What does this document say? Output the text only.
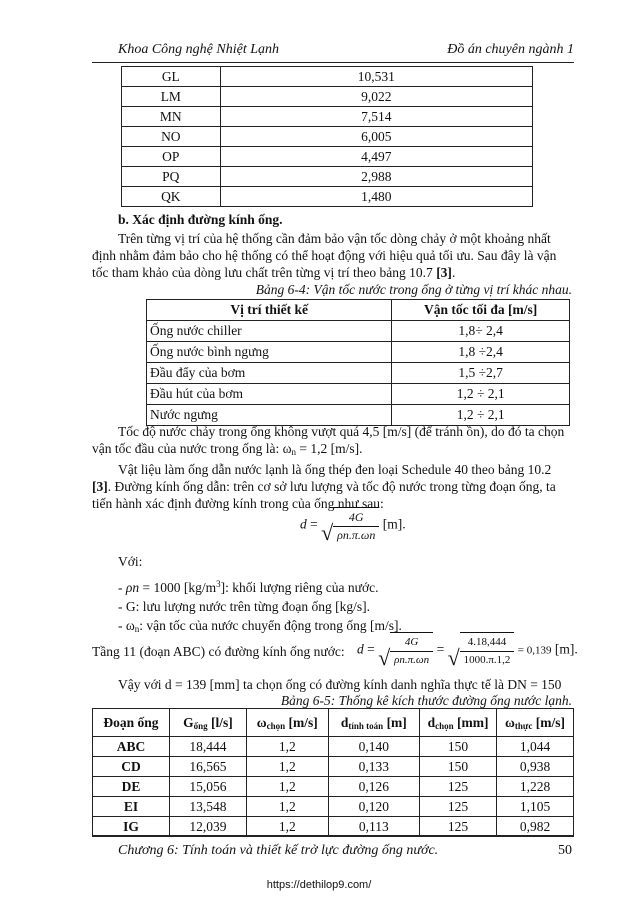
Khoa Công nghệ Nhiệt Lạnh	Đồ án chuyên ngành 1
GL	10,531
LM	9,022
MN	7,514
NO	6,005
OP	4,497
PQ	2,988
QK	1,480
b. Xác định đường kính ống.
Trên từng vị trí của hệ thống cần đảm bảo vận tốc dòng chảy ở một khoảng nhất
định nhằm đảm bảo cho hệ thống có thể hoạt động với hiệu quả tối ưu. Sau đây là vận
tốc tham khảo của dòng lưu chất trên từng vị trí theo bảng 10.7 [3].
Bảng 6-4: Vận tốc nước trong ống ở từng vị trí khác nhau.
Vị trí thiết kế	Vận tốc tối đa [m/s]
Ống nước chiller	1,8÷ 2,4
Ống nước bình ngưng	1,8 ÷2,4
Đầu đẩy của bơm	1,5 ÷2,7
Đầu hút của bơm	1,2 ÷ 2,1
Nước ngưng	1,2 ÷ 2,1
Tốc độ nước chảy trong ống không vượt quá 4,5 [m/s] (để tránh ồn), do đó ta chọn
vận tốc đầu của nước trong ống là: $\omega_n = 1,2$ [m/s].
Vật liệu làm ống dẫn nước lạnh là ống thép đen loại Schedule 40 theo bảng 10.2
[3]. Đường kính ống dẫn: trên cơ sở lưu lượng và tốc độ nước trong từng đoạn ống, ta
tiến hành xác định đường kính trong của ống như sau:
d = √ $\frac{4G}{\rho n.\pi.\omega n} [m]$.
Với:
- ρn = 1000 $[kg/m^3]$: khối lượng riêng của nước.
- G: lưu lượng nước trên từng đoạn ống [kg/s].
- $\omega_n$: vận tốc của nước chuyển động trong ống [m/s].
Tầng 11 (đoạn ABC) có đường kính ống nước: d = √ $\frac{4G}{\rho n.\pi.\omega n}$ = √ $\frac{4.18,444}{1000.\pi.1,2} = 0,139$ [m].
Vậy với d = 139 [mm] ta chọn ống có đường kính danh nghĩa thực tế là DN = 150
Bảng 6-5: Thống kê kích thước đường ống nước lạnh.
Đoạn ống	$G_{ống}$ [l/s]	$\omega_{chọn}$ [m/s]	$d_{tính toán}$ [m]	$d_{chọn}$ [mm]	$\omega_{thực}$ [m/s]
ABC	18,444	1,2	0,140	150	1,044
CD	16,565	1,2	0,133	150	0,938
DE	15,056	1,2	0,126	125	1,228
EI	13,548	1,2	0,120	125	1,105
IG	12,039	1,2	0,113	125	0,982
Chương 6: Tính toán và thiết kế trở lực đường ống nước.	50
https://dethilop9.com/
